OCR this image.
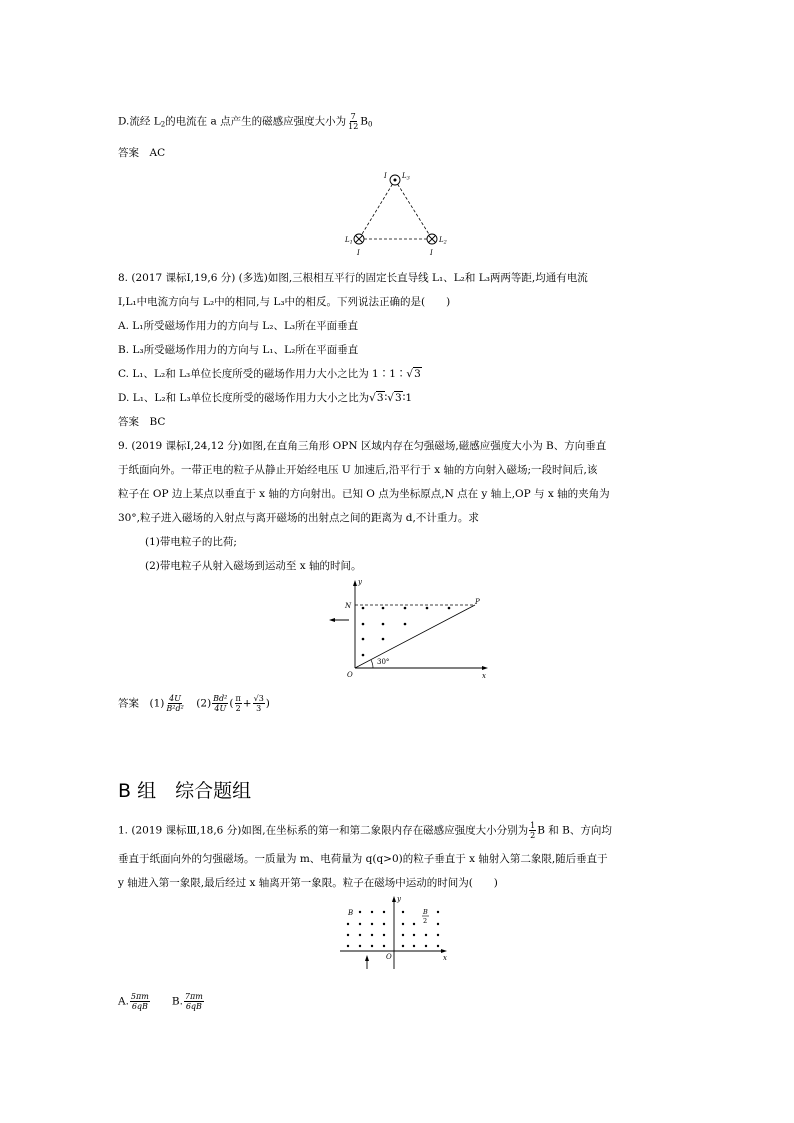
D.流经 $L_2$的电流在 a 点产生的磁感应强度大小为 $\frac{7}{12} B_0$
答案　AC
I $L_3$
$L_1$
I
$L_2$
I
8. (2017 课标Ⅰ,19,6 分) (多选)如图,三根相互平行的固定长直导线 L₁、L₂和 L₃两两等距,均通有电流
I,L₁中电流方向与 L₂中的相同,与 L₃中的相反。下列说法正确的是(　　)
A. L₁所受磁场作用力的方向与 L₂、L₃所在平面垂直
B. L₃所受磁场作用力的方向与 L₁、L₂所在平面垂直
C. L₁、L₂和 L₃单位长度所受的磁场作用力大小之比为 1∶1∶√3
D. L₁、L₂和 L₃单位长度所受的磁场作用力大小之比为√3∶√3∶1
答案　BC
9. (2019 课标Ⅰ,24,12 分)如图,在直角三角形 OPN 区域内存在匀强磁场,磁感应强度大小为 B、方向垂直
于纸面向外。一带正电的粒子从静止开始经电压 U 加速后,沿平行于 x 轴的方向射入磁场;一段时间后,该
粒子在 OP 边上某点以垂直于 x 轴的方向射出。已知 O 点为坐标原点,N 点在 y 轴上,OP 与 x 轴的夹角为
30°,粒子进入磁场的入射点与离开磁场的出射点之间的距离为 d,不计重力。求
(1)带电粒子的比荷;
(2)带电粒子从射入磁场到运动至 x 轴的时间。
30°
y
N	P
O	x
答案　 $(1) \frac{4U}{\text{B²d²}}$
　 $(2) \frac{\text{Bd²}}{4U}$ ( $\frac{\pi}{2} + \frac{√3}{3}$ )
B 组　综合题组
1. (2019 课标Ⅲ,18,6 分)如图,在坐标系的第一和第二象限内存在磁感应强度大小分别为 $\frac{1}{2}$ B 和 B、方向均
垂直于纸面向外的匀强磁场。一质量为 m、电荷量为 q(q>0)的粒子垂直于 x 轴射入第二象限,随后垂直于
y 轴进入第一象限,最后经过 x 轴离开第一象限。粒子在磁场中运动的时间为(　　)
B	B
2
y
O	x
A. $\frac{5\pi m}{6qB}$
　　 B. $\frac{7\pi m}{6qB}$
